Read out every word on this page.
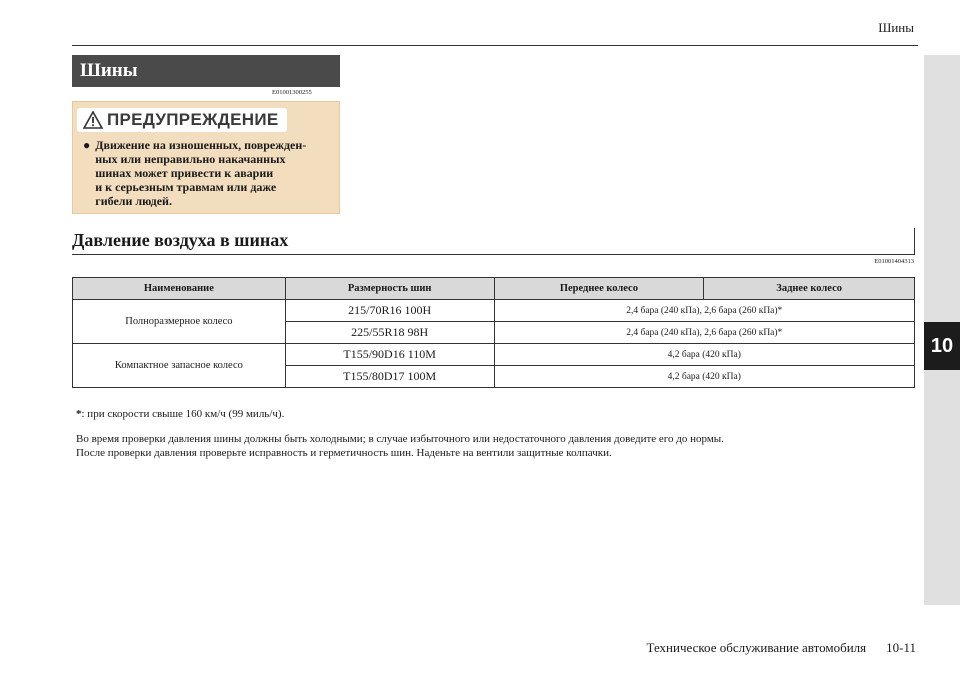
Шины
10
Шины
E01001300255
ПРЕДУПРЕЖДЕНИЕ
● Движение на изношенных, поврежден-
ных или неправильно накачанных
шинах может привести к аварии
и к серьезным травмам или даже
гибели людей.
Давление воздуха в шинах
E01001404313
Наименование	Размерность шин	Переднее колесо	Заднее колесо
Полноразмерное колесо	215/70R16 100H	2,4 бара (240 кПа), 2,6 бара (260 кПа)*	
	225/55R18 98H	2,4 бара (240 кПа), 2,6 бара (260 кПа)*	
Компактное запасное колесо	T155/90D16 110M	4,2 бара (420 кПа)	
	T155/80D17 100M	4,2 бара (420 кПа)	
*: при скорости свыше 160 км/ч (99 миль/ч).
Во время проверки давления шины должны быть холодными; в случае избыточного или недостаточного давления доведите его до нормы.
После проверки давления проверьте исправность и герметичность шин. Наденьте на вентили защитные колпачки.
Техническое обслуживание автомобиля 10-11
